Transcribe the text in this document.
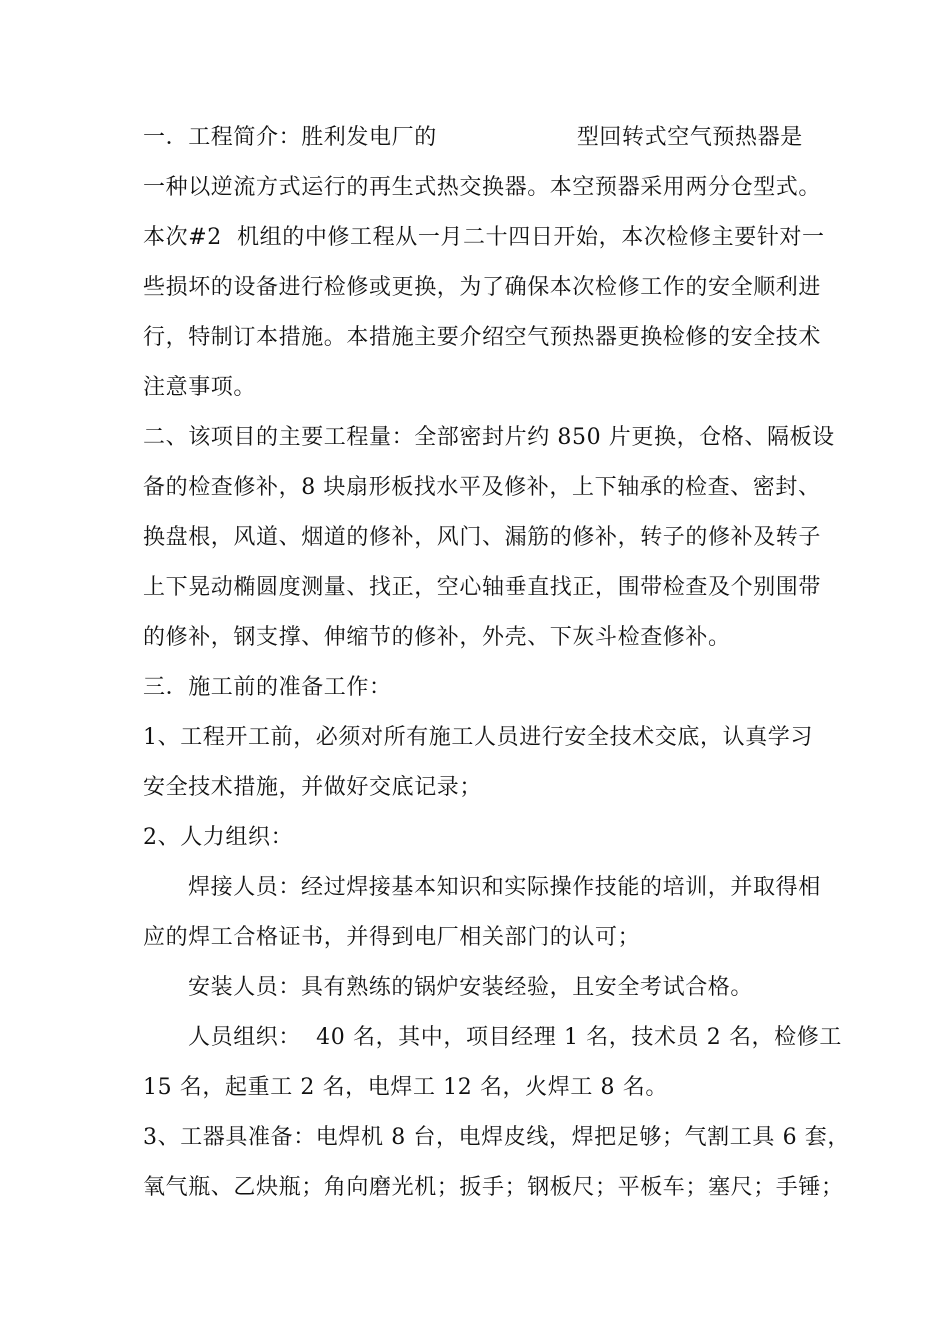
一．工程简介：胜利发电厂的	型回转式空气预热器是
一种以逆流方式运行的再生式热交换器。本空预器采用两分仓型式。
本次#2  机组的中修工程从一月二十四日开始，本次检修主要针对一
些损坏的设备进行检修或更换，为了确保本次检修工作的安全顺利进
行，特制订本措施。本措施主要介绍空气预热器更换检修的安全技术
注意事项。
二、该项目的主要工程量：全部密封片约 850 片更换，仓格、隔板设
备的检查修补，8 块扇形板找水平及修补，上下轴承的检查、密封、
换盘根，风道、烟道的修补，风门、漏筋的修补，转子的修补及转子
上下晃动椭圆度测量、找正，空心轴垂直找正，围带检查及个别围带
的修补，钢支撑、伸缩节的修补，外壳、下灰斗检查修补。
三．施工前的准备工作：
1、工程开工前，必须对所有施工人员进行安全技术交底，认真学习
安全技术措施，并做好交底记录；
2、人力组织：
焊接人员：经过焊接基本知识和实际操作技能的培训，并取得相
应的焊工合格证书，并得到电厂相关部门的认可；
安装人员：具有熟练的锅炉安装经验，且安全考试合格。
人员组织：  40 名，其中，项目经理 1 名，技术员 2 名，检修工
15 名，起重工 2 名，电焊工 12 名，火焊工 8 名。
3、工器具准备：电焊机 8 台，电焊皮线，焊把足够；气割工具 6 套，
氧气瓶、乙炔瓶；角向磨光机；扳手；钢板尺；平板车；塞尺；手锤；
